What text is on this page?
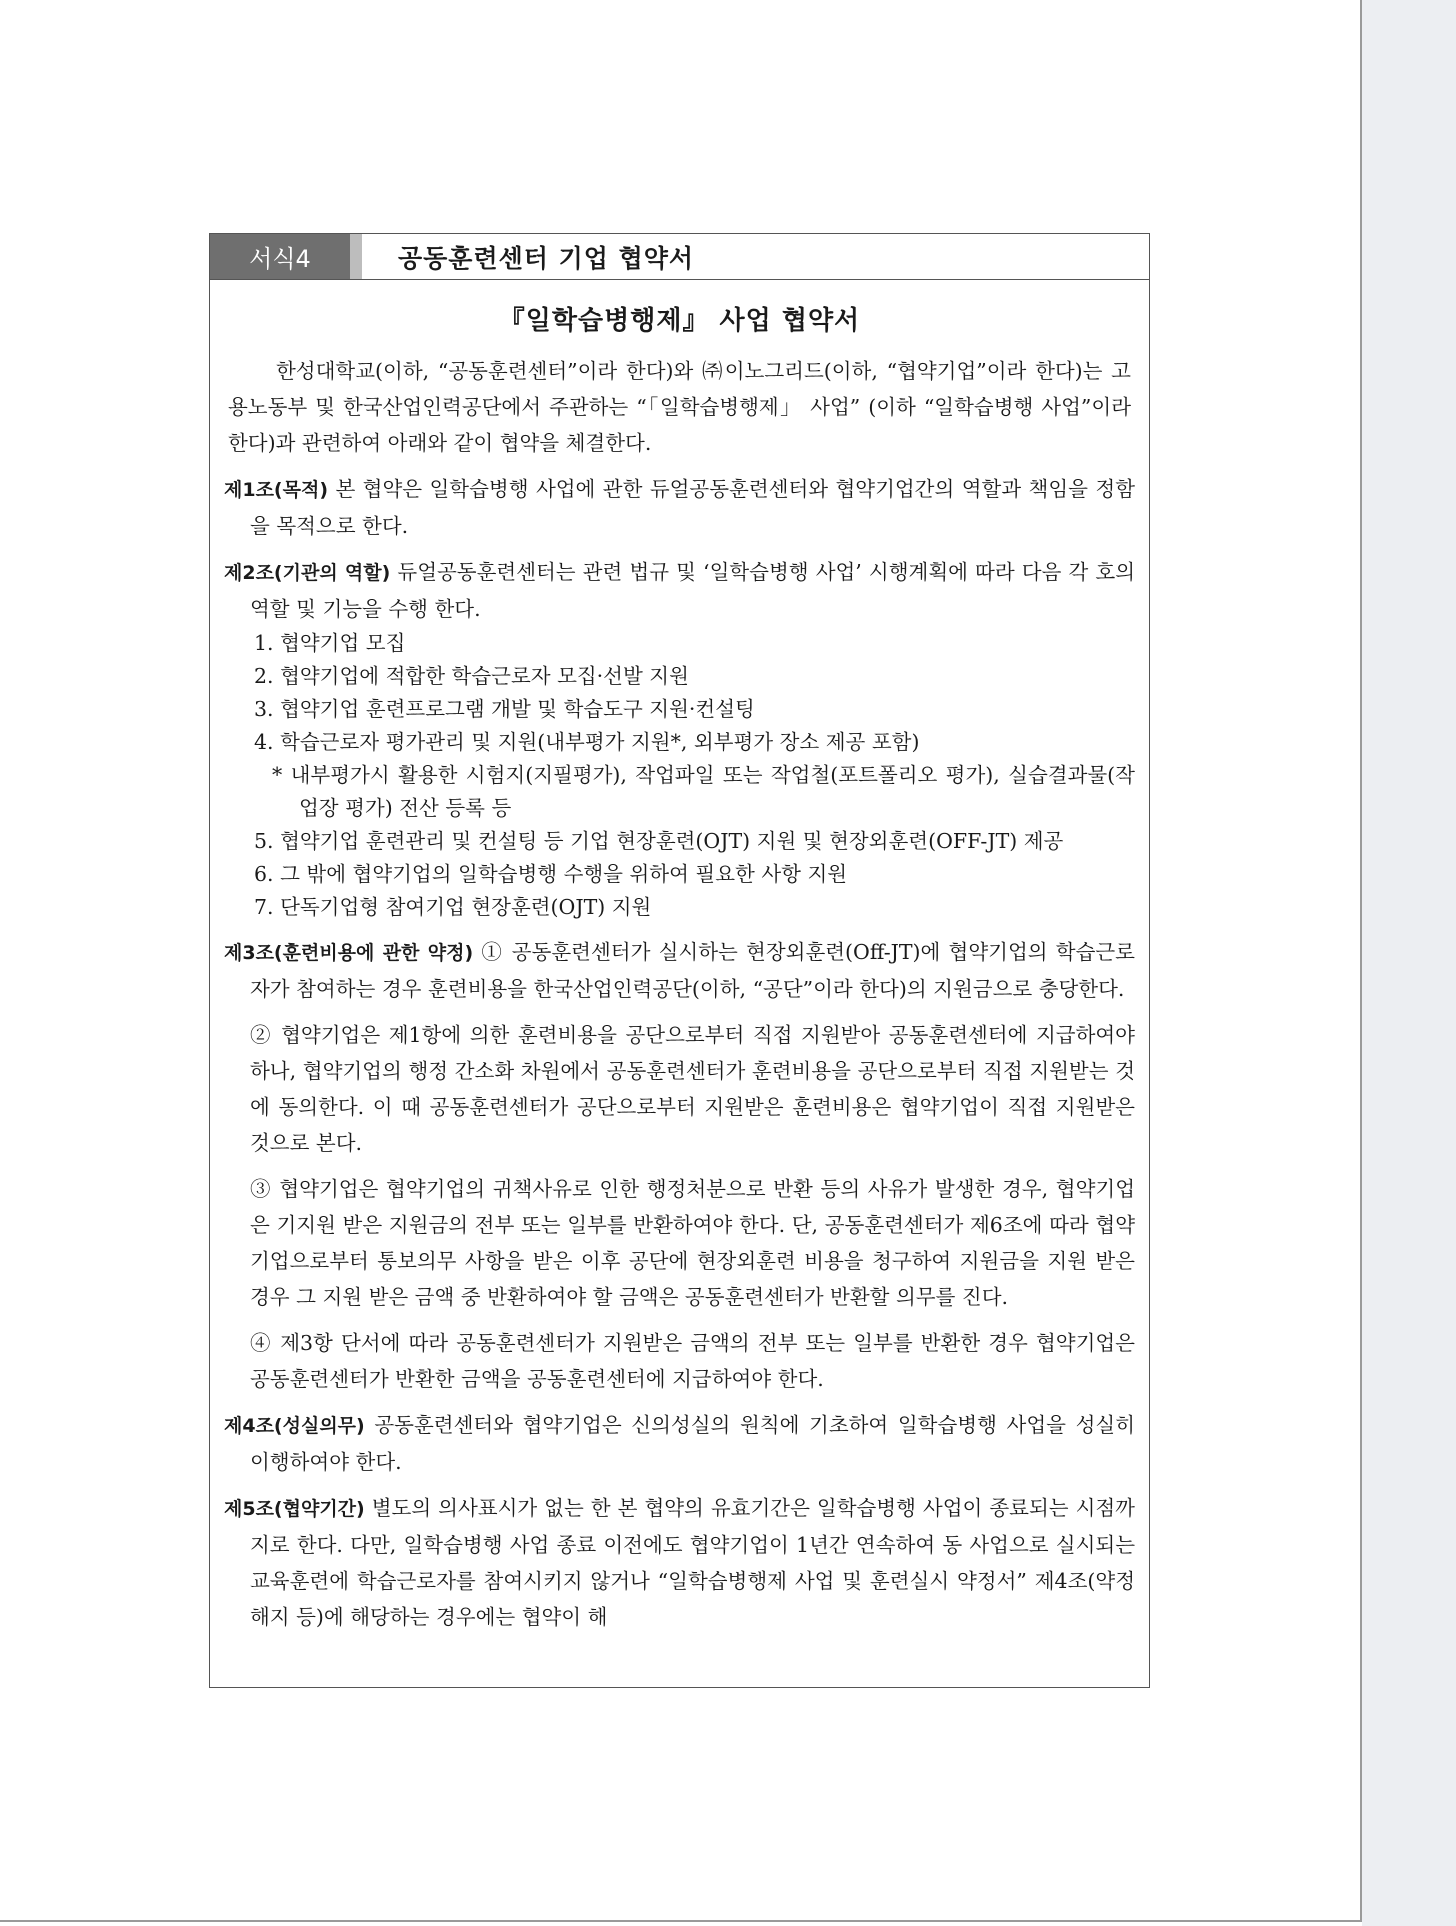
서식4	공동훈련센터 기업 협약서
『일학습병행제』 사업 협약서

한성대학교(이하, “공동훈련센터”이라 한다)와 ㈜이노그리드(이하, “협약기업”이라 한다)는 고용노동부 및 한국산업인력공단에서 주관하는 “「일학습병행제」 사업” (이하 “일학습병행 사업”이라 한다)과 관련하여 아래와 같이 협약을 체결한다.

제1조(목적) 본 협약은 일학습병행 사업에 관한 듀얼공동훈련센터와 협약기업간의 역할과 책임을 정함을 목적으로 한다.

제2조(기관의 역할) 듀얼공동훈련센터는 관련 법규 및 ‘일학습병행 사업’ 시행계획에 따라 다음 각 호의 역할 및 기능을 수행 한다.

1. 협약기업 모집
2. 협약기업에 적합한 학습근로자 모집·선발 지원
3. 협약기업 훈련프로그램 개발 및 학습도구 지원·컨설팅
4. 학습근로자 평가관리 및 지원(내부평가 지원*, 외부평가 장소 제공 포함)

* 내부평가시 활용한 시험지(지필평가), 작업파일 또는 작업철(포트폴리오 평가), 실습결과물(작업장 평가) 전산 등록 등

5. 협약기업 훈련관리 및 컨설팅 등 기업 현장훈련(OJT) 지원 및 현장외훈련(OFF-JT) 제공
6. 그 밖에 협약기업의 일학습병행 수행을 위하여 필요한 사항 지원
7. 단독기업형 참여기업 현장훈련(OJT) 지원

제3조(훈련비용에 관한 약정) ① 공동훈련센터가 실시하는 현장외훈련(Off-JT)에 협약기업의 학습근로자가 참여하는 경우 훈련비용을 한국산업인력공단(이하, “공단”이라 한다)의 지원금으로 충당한다.

② 협약기업은 제1항에 의한 훈련비용을 공단으로부터 직접 지원받아 공동훈련센터에 지급하여야 하나, 협약기업의 행정 간소화 차원에서 공동훈련센터가 훈련비용을 공단으로부터 직접 지원받는 것에 동의한다. 이 때 공동훈련센터가 공단으로부터 지원받은 훈련비용은 협약기업이 직접 지원받은 것으로 본다.

③ 협약기업은 협약기업의 귀책사유로 인한 행정처분으로 반환 등의 사유가 발생한 경우, 협약기업은 기지원 받은 지원금의 전부 또는 일부를 반환하여야 한다. 단, 공동훈련센터가 제6조에 따라 협약기업으로부터 통보의무 사항을 받은 이후 공단에 현장외훈련 비용을 청구하여 지원금을 지원 받은 경우 그 지원 받은 금액 중 반환하여야 할 금액은 공동훈련센터가 반환할 의무를 진다.

④ 제3항 단서에 따라 공동훈련센터가 지원받은 금액의 전부 또는 일부를 반환한 경우 협약기업은 공동훈련센터가 반환한 금액을 공동훈련센터에 지급하여야 한다.

제4조(성실의무) 공동훈련센터와 협약기업은 신의성실의 원칙에 기초하여 일학습병행 사업을 성실히 이행하여야 한다.

제5조(협약기간) 별도의 의사표시가 없는 한 본 협약의 유효기간은 일학습병행 사업이 종료되는 시점까지로 한다. 다만, 일학습병행 사업 종료 이전에도 협약기업이 1년간 연속하여 동 사업으로 실시되는 교육훈련에 학습근로자를 참여시키지 않거나 “일학습병행제 사업 및 훈련실시 약정서” 제4조(약정해지 등)에 해당하는 경우에는 협약이 해
